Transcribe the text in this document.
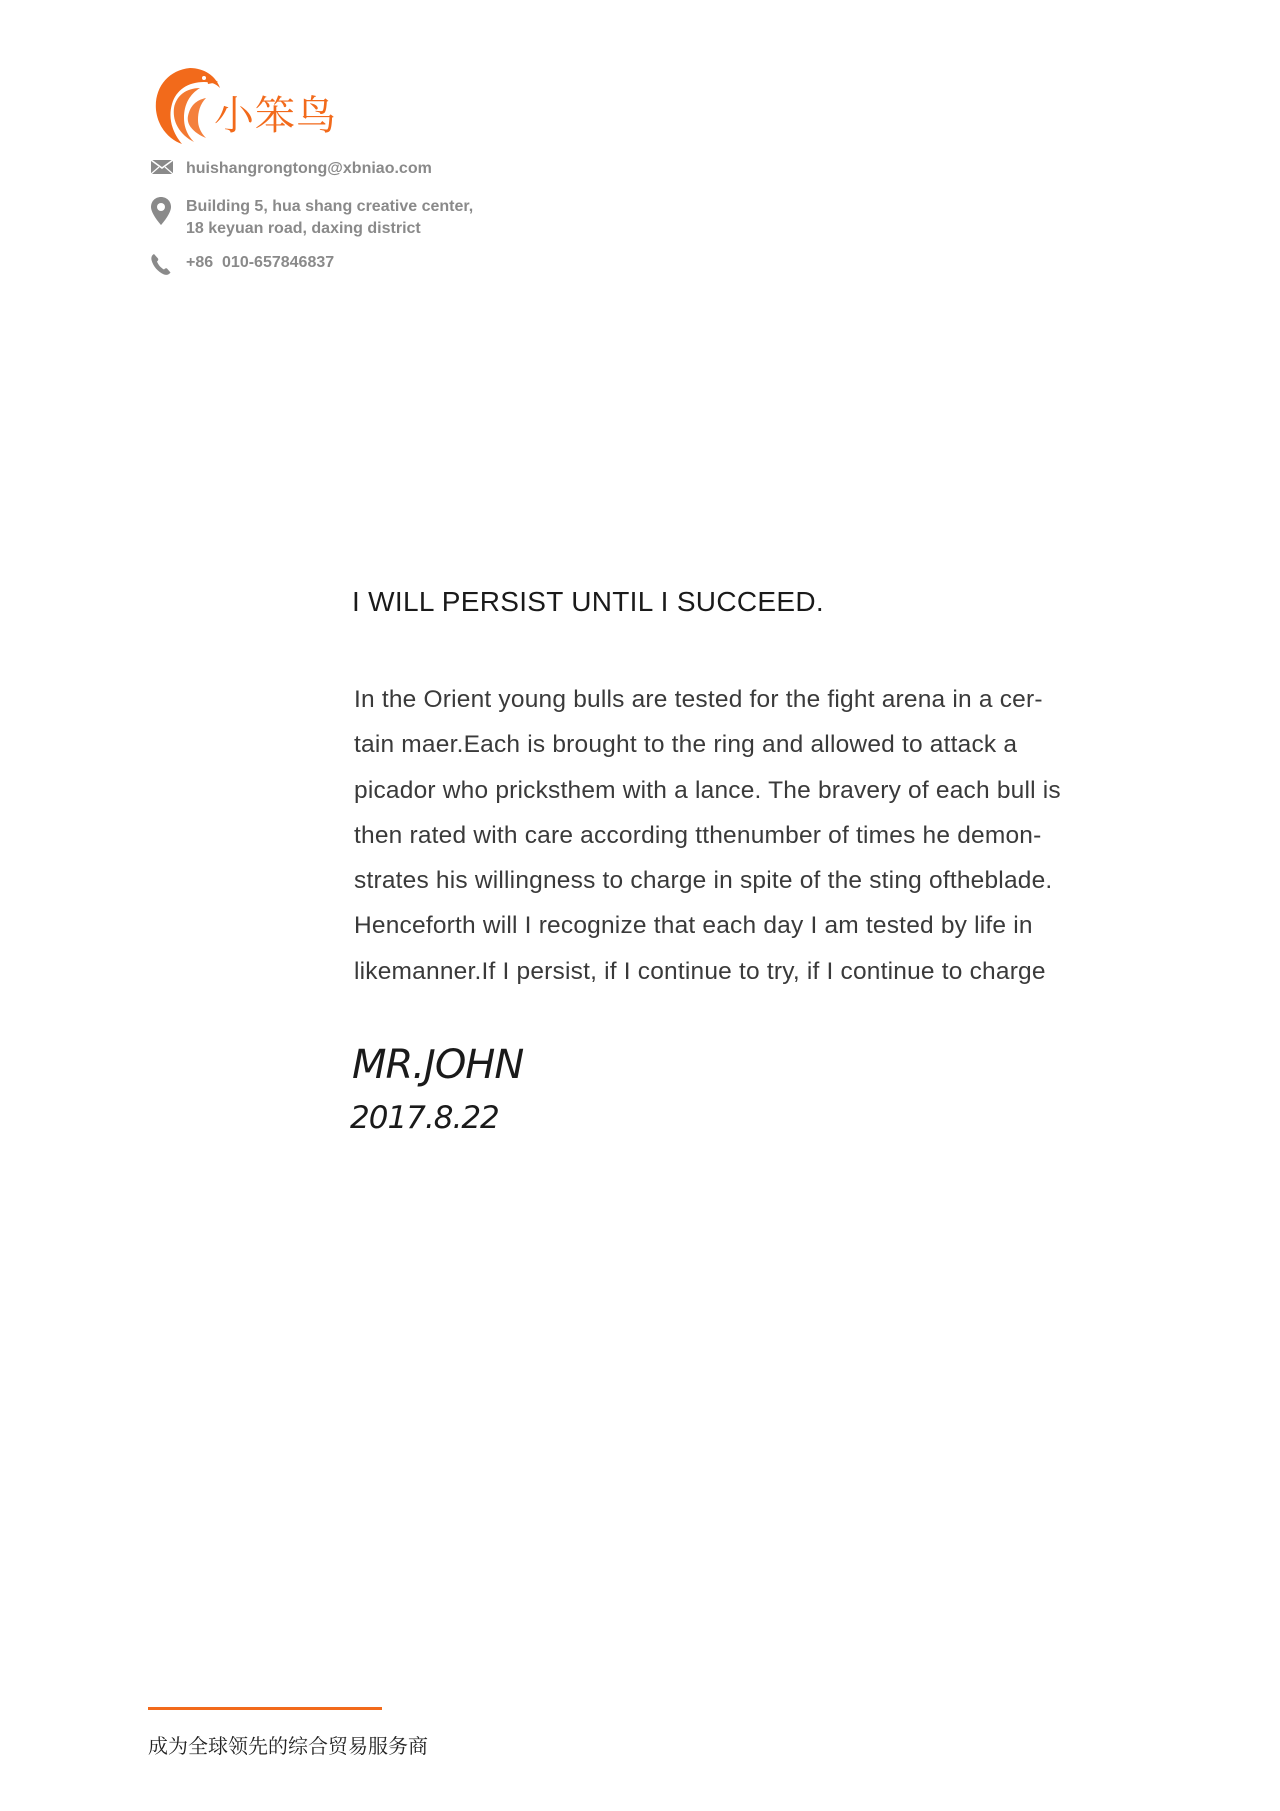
小笨鸟
huishangrongtong@xbniao.com
Building 5, hua shang creative center,
18 keyuan road, daxing district
+86  010-657846837
I WILL PERSIST UNTIL I SUCCEED.
In the Orient young bulls are tested for the fight arena in a cer-
tain maer.Each is brought to the ring and allowed to attack a
picador who pricksthem with a lance. The bravery of each bull is
then rated with care according tthenumber of times he demon-
strates his willingness to charge in spite of the sting oftheblade.
Henceforth will I recognize that each day I am tested by life in
likemanner.If I persist, if I continue to try, if I continue to charge
MR.JOHN
2017.8.22
成为全球领先的综合贸易服务商
